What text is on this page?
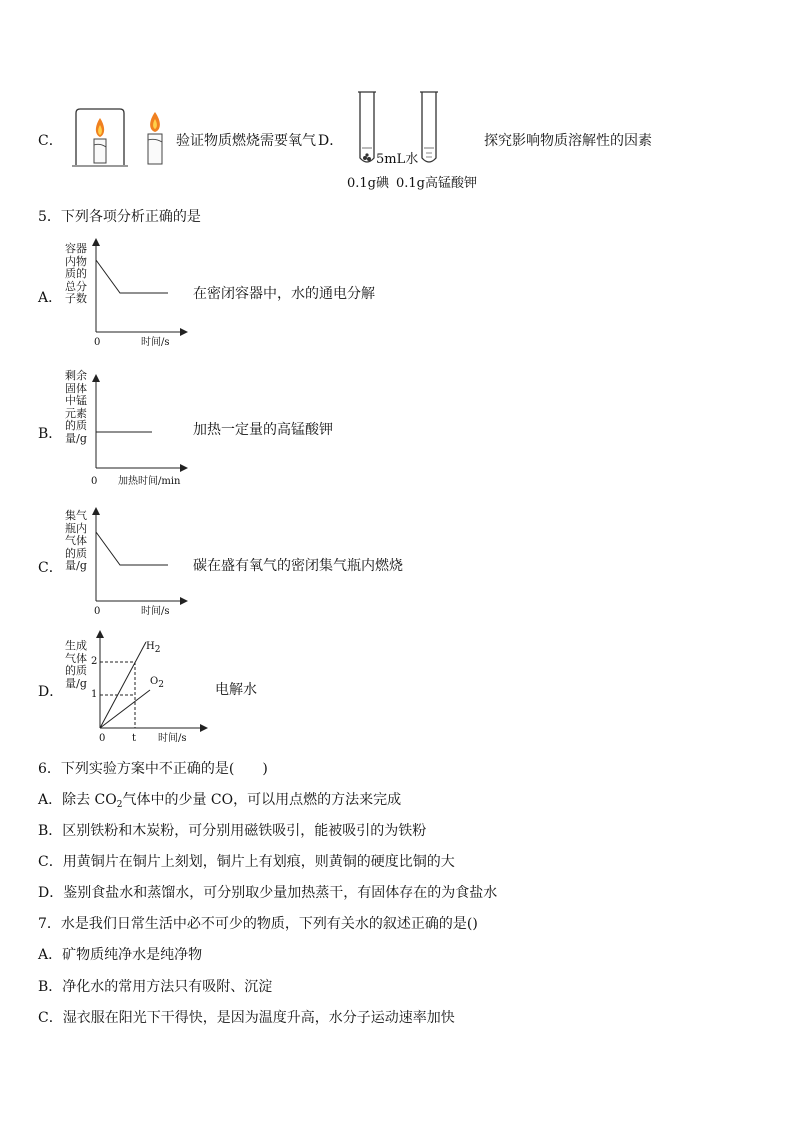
C．	验证物质燃烧需要氧气 D．
5mL水
0.1g碘 0.1g高锰酸钾
探究影响物质溶解性的因素
5．下列各项分析正确的是
A．
容器
内物
质的
总分
子数
0	时间/s
在密闭容器中，水的通电分解
B．
剩余
固体
中锰
元素
的质
量/g
0 加热时间/min
加热一定量的高锰酸钾
C．
集气
瓶内
气体
的质
量/g
0	时间/s
碳在盛有氧气的密闭集气瓶内燃烧
D．
生成
气体
的质
量/g
2
1
$H_2$
$O_2$
0	t 时间/s
电解水
6．下列实验方案中不正确的是(　　)
A．除去 $CO_2$气体中的少量 CO，可以用点燃的方法来完成
B．区别铁粉和木炭粉，可分别用磁铁吸引，能被吸引的为铁粉
C．用黄铜片在铜片上刻划，铜片上有划痕，则黄铜的硬度比铜的大
D．鉴别食盐水和蒸馏水，可分别取少量加热蒸干，有固体存在的为食盐水
7．水是我们日常生活中必不可少的物质，下列有关水的叙述正确的是()
A．矿物质纯净水是纯净物
B．净化水的常用方法只有吸附、沉淀
C．湿衣服在阳光下干得快，是因为温度升高，水分子运动速率加快
